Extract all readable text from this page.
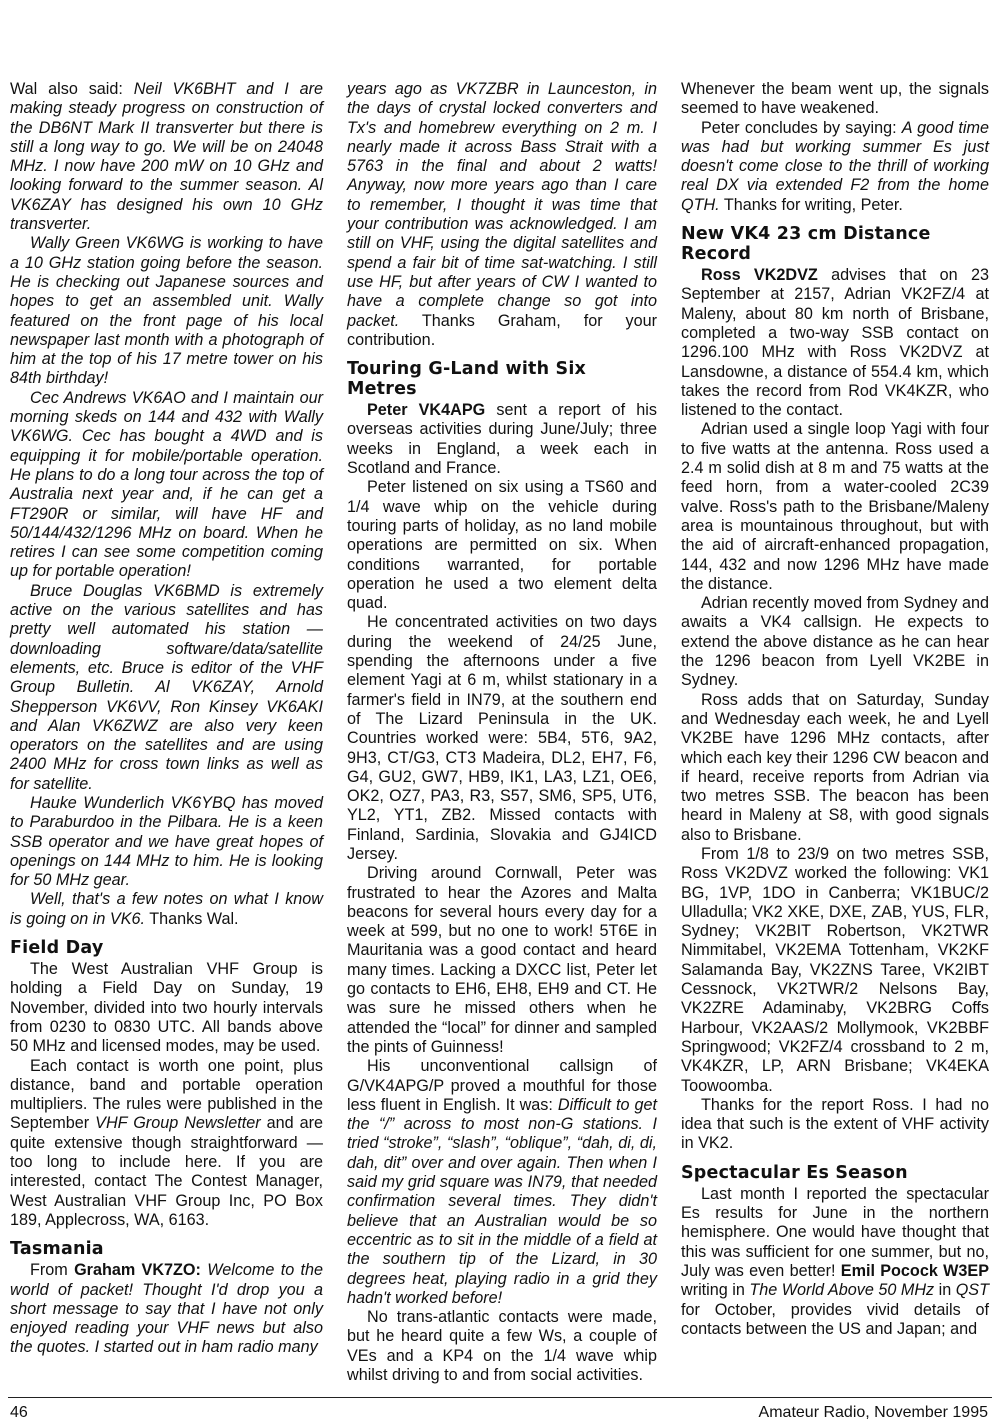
Wal also said: Neil VK6BHT and I are making steady progress on construction of the DB6NT Mark II transverter but there is still a long way to go. We will be on 24048 MHz. I now have 200 mW on 10 GHz and looking forward to the summer season. Al VK6ZAY has designed his own 10 GHz transverter.

Wally Green VK6WG is working to have a 10 GHz station going before the season. He is checking out Japanese sources and hopes to get an assembled unit. Wally featured on the front page of his local newspaper last month with a photograph of him at the top of his 17 metre tower on his 84th birthday!

Cec Andrews VK6AO and I maintain our morning skeds on 144 and 432 with Wally VK6WG. Cec has bought a 4WD and is equipping it for mobile/portable operation. He plans to do a long tour across the top of Australia next year and, if he can get a FT290R or similar, will have HF and 50/144/432/1296 MHz on board. When he retires I can see some competition coming up for portable operation!

Bruce Douglas VK6BMD is extremely active on the various satellites and has pretty well automated his station — downloading software/data/satellite elements, etc. Bruce is editor of the VHF Group Bulletin. Al VK6ZAY, Arnold Shepperson VK6VV, Ron Kinsey VK6AKI and Alan VK6ZWZ are also very keen operators on the satellites and are using 2400 MHz for cross town links as well as for satellite.

Hauke Wunderlich VK6YBQ has moved to Paraburdoo in the Pilbara. He is a keen SSB operator and we have great hopes of openings on 144 MHz to him. He is looking for 50 MHz gear.

Well, that's a few notes on what I know is going on in VK6. Thanks Wal.

Field Day

The West Australian VHF Group is holding a Field Day on Sunday, 19 November, divided into two hourly intervals from 0230 to 0830 UTC. All bands above 50 MHz and licensed modes, may be used.

Each contact is worth one point, plus distance, band and portable operation multipliers. The rules were published in the September VHF Group Newsletter and are quite extensive though straightforward — too long to include here. If you are interested, contact The Contest Manager, West Australian VHF Group Inc, PO Box 189, Applecross, WA, 6163.

Tasmania

From Graham VK7ZO: Welcome to the world of packet! Thought I'd drop you a short message to say that I have not only enjoyed reading your VHF news but also the quotes. I started out in ham radio many

years ago as VK7ZBR in Launceston, in the days of crystal locked converters and Tx's and homebrew everything on 2 m. I nearly made it across Bass Strait with a 5763 in the final and about 2 watts! Anyway, now more years ago than I care to remember, I thought it was time that your contribution was acknowledged. I am still on VHF, using the digital satellites and spend a fair bit of time sat-watching. I still use HF, but after years of CW I wanted to have a complete change so got into packet. Thanks Graham, for your contribution.

Touring G-Land with Six Metres

Peter VK4APG sent a report of his overseas activities during June/July; three weeks in England, a week each in Scotland and France.

Peter listened on six using a TS60 and 1/4 wave whip on the vehicle during touring parts of holiday, as no land mobile operations are permitted on six. When conditions warranted, for portable operation he used a two element delta quad.

He concentrated activities on two days during the weekend of 24/25 June, spending the afternoons under a five element Yagi at 6 m, whilst stationary in a farmer's field in IN79, at the southern end of The Lizard Peninsula in the UK. Countries worked were: 5B4, 5T6, 9A2, 9H3, CT/G3, CT3 Madeira, DL2, EH7, F6, G4, GU2, GW7, HB9, IK1, LA3, LZ1, OE6, OK2, OZ7, PA3, R3, S57, SM6, SP5, UT6, YL2, YT1, ZB2. Missed contacts with Finland, Sardinia, Slovakia and GJ4ICD Jersey.

Driving around Cornwall, Peter was frustrated to hear the Azores and Malta beacons for several hours every day for a week at 599, but no one to work! 5T6E in Mauritania was a good contact and heard many times. Lacking a DXCC list, Peter let go contacts to EH6, EH8, EH9 and CT. He was sure he missed others when he attended the “local” for dinner and sampled the pints of Guinness!

His unconventional callsign of G/VK4APG/P proved a mouthful for those less fluent in English. It was: Difficult to get the “/” across to most non-G stations. I tried “stroke”, “slash”, “oblique”, “dah, di, di, dah, dit” over and over again. Then when I said my grid square was IN79, that needed confirmation several times. They didn't believe that an Australian would be so eccentric as to sit in the middle of a field at the southern tip of the Lizard, in 30 degrees heat, playing radio in a grid they hadn't worked before!

No trans-atlantic contacts were made, but he heard quite a few Ws, a couple of VEs and a KP4 on the 1/4 wave whip whilst driving to and from social activities.

Whenever the beam went up, the signals seemed to have weakened.

Peter concludes by saying: A good time was had but working summer Es just doesn't come close to the thrill of working real DX via extended F2 from the home QTH. Thanks for writing, Peter.

New VK4 23 cm Distance Record

Ross VK2DVZ advises that on 23 September at 2157, Adrian VK2FZ/4 at Maleny, about 80 km north of Brisbane, completed a two-way SSB contact on 1296.100 MHz with Ross VK2DVZ at Lansdowne, a distance of 554.4 km, which takes the record from Rod VK4KZR, who listened to the contact.

Adrian used a single loop Yagi with four to five watts at the antenna. Ross used a 2.4 m solid dish at 8 m and 75 watts at the feed horn, from a water-cooled 2C39 valve. Ross's path to the Brisbane/Maleny area is mountainous throughout, but with the aid of aircraft-enhanced propagation, 144, 432 and now 1296 MHz have made the distance.

Adrian recently moved from Sydney and awaits a VK4 callsign. He expects to extend the above distance as he can hear the 1296 beacon from Lyell VK2BE in Sydney.

Ross adds that on Saturday, Sunday and Wednesday each week, he and Lyell VK2BE have 1296 MHz contacts, after which each key their 1296 CW beacon and if heard, receive reports from Adrian via two metres SSB. The beacon has been heard in Maleny at S8, with good signals also to Brisbane.

From 1/8 to 23/9 on two metres SSB, Ross VK2DVZ worked the following: VK1 BG, 1VP, 1DO in Canberra; VK1BUC/2 Ulladulla; VK2 XKE, DXE, ZAB, YUS, FLR, Sydney; VK2BIT Robertson, VK2TWR Nimmitabel, VK2EMA Tottenham, VK2KF Salamanda Bay, VK2ZNS Taree, VK2IBT Cessnock, VK2TWR/2 Nelsons Bay, VK2ZRE Adaminaby, VK2BRG Coffs Harbour, VK2AAS/2 Mollymook, VK2BBF Springwood; VK2FZ/4 crossband to 2 m, VK4KZR, LP, ARN Brisbane; VK4EKA Toowoomba.

Thanks for the report Ross. I had no idea that such is the extent of VHF activity in VK2.

Spectacular Es Season

Last month I reported the spectacular Es results for June in the northern hemisphere. One would have thought that this was sufficient for one summer, but no, July was even better! Emil Pocock W3EP writing in The World Above 50 MHz in QST for October, provides vivid details of contacts between the US and Japan; and

46	Amateur Radio, November 1995
